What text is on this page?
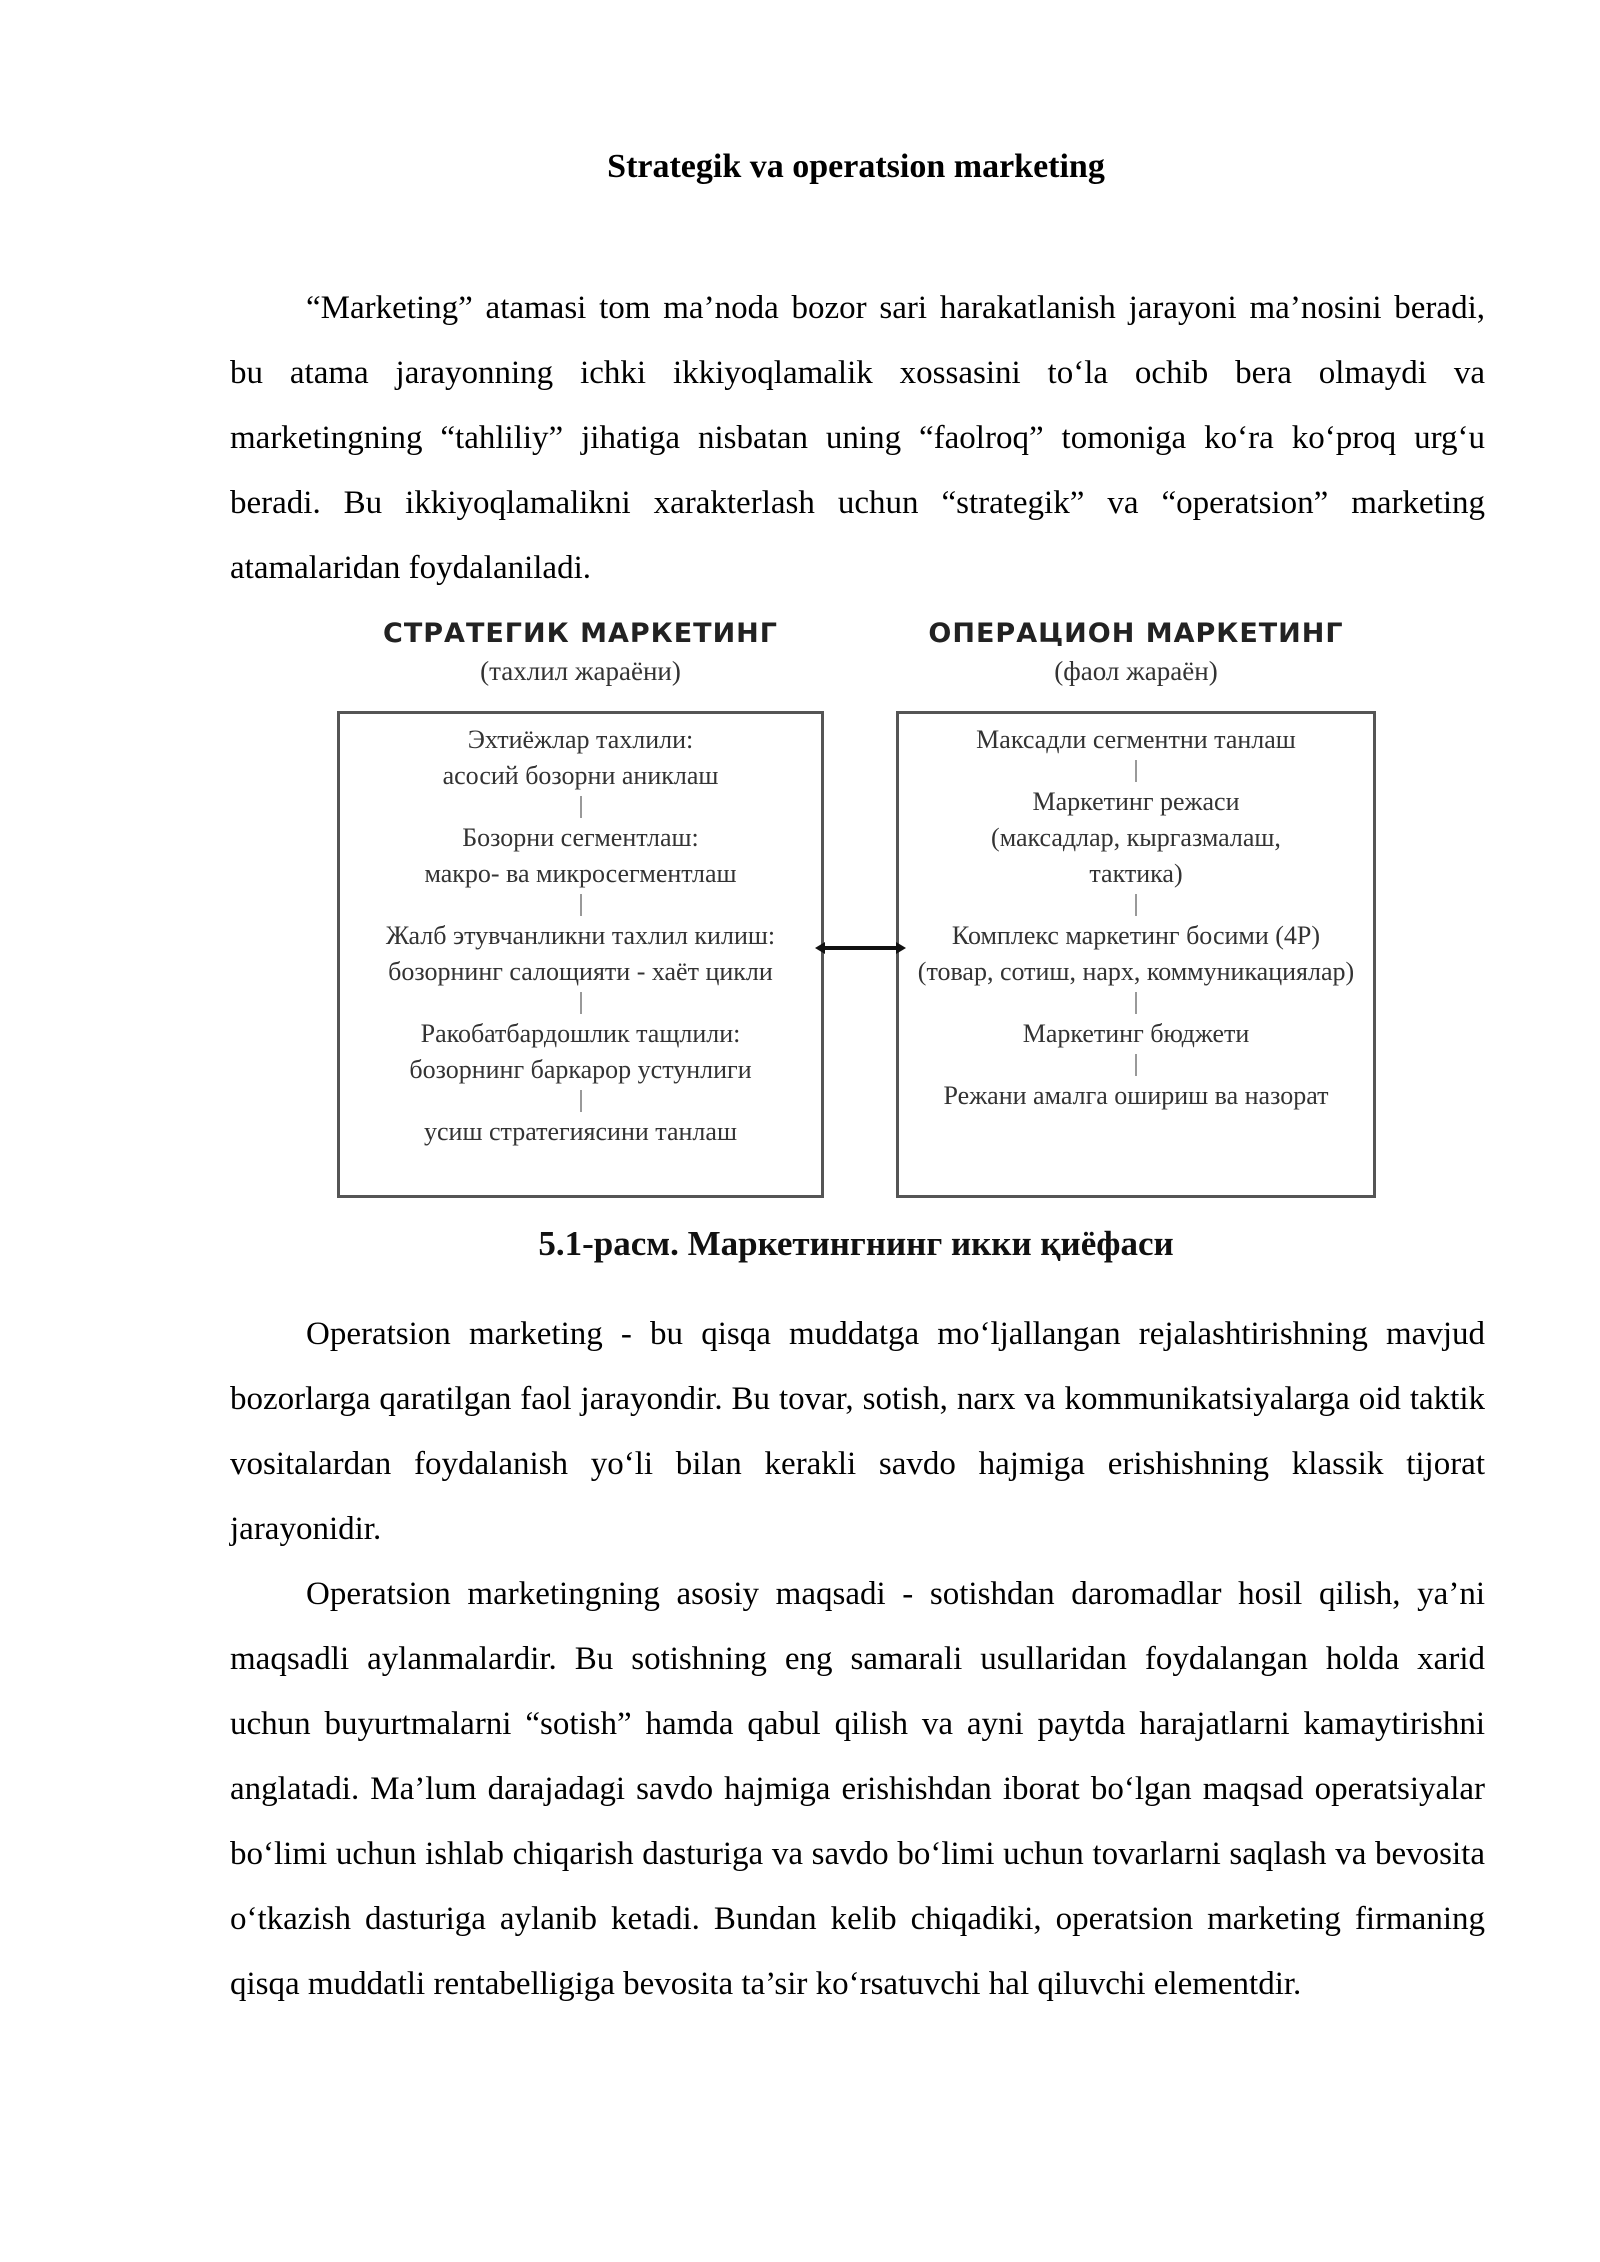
Strategik va operatsion marketing

“Marketing” atamasi tom ma’noda bozor sari harakatlanish jarayoni ma’nosini beradi, bu atama jarayonning ichki ikkiyoqlamalik xossasini to‘la ochib bera olmaydi va marketingning “tahliliy” jihatiga nisbatan uning “faolroq” tomoniga ko‘ra ko‘proq urg‘u beradi. Bu ikkiyoqlamalikni xarakterlash uchun “strategik” va “operatsion” marketing atamalaridan foydalaniladi.

СТРАТЕГИК МАРКЕТИНГ
(тахлил жараёни)
ОПЕРАЦИОН МАРКЕТИНГ
(фаол жараён)
Эхтиёжлар тахлили:
асосий бозорни аниклаш
Бозорни сегментлаш:
макро- ва микросегментлаш
Жалб этувчанликни тахлил килиш:
бозорнинг салощияти - хаёт цикли
Ракобатбардошлик тащлили:
бозорнинг баркарор устунлиги
усиш стратегиясини танлаш
Максадли сегментни танлаш
Маркетинг режаси
(максадлар, кыргазмалаш,
тактика)
Комплекс маркетинг босими (4Р)
(товар, сотиш, нарх, коммуникациялар)
Маркетинг бюджети
Режани амалга ошириш ва назорат
5.1-расм. Маркетингнинг икки қиёфаси

Operatsion marketing - bu qisqa muddatga mo‘ljallangan rejalashtirishning mavjud bozorlarga qaratilgan faol jarayondir. Bu tovar, sotish, narx va kommunikatsiyalarga oid taktik vositalardan foydalanish yo‘li bilan kerakli savdo hajmiga erishishning klassik tijorat jarayonidir.

Operatsion marketingning asosiy maqsadi - sotishdan daromadlar hosil qilish, ya’ni maqsadli aylanmalardir. Bu sotishning eng samarali usullaridan foydalangan holda xarid uchun buyurtmalarni “sotish” hamda qabul qilish va ayni paytda harajatlarni kamaytirishni anglatadi. Ma’lum darajadagi savdo hajmiga erishishdan iborat bo‘lgan maqsad operatsiyalar bo‘limi uchun ishlab chiqarish dasturiga va savdo bo‘limi uchun tovarlarni saqlash va bevosita o‘tkazish dasturiga aylanib ketadi. Bundan kelib chiqadiki, operatsion marketing firmaning qisqa muddatli rentabelligiga bevosita ta’sir ko‘rsatuvchi hal qiluvchi elementdir.
